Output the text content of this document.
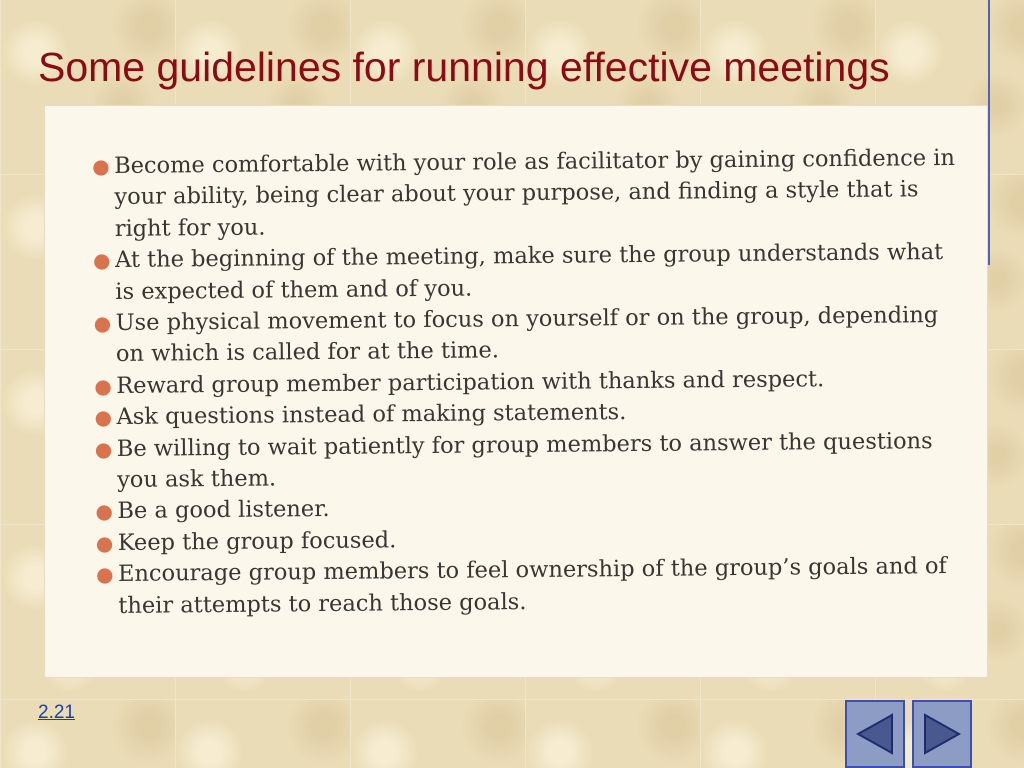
Some guidelines for running effective meetings
● Become comfortable with your role as facilitator by gaining confidence in your ability, being clear about your purpose, and finding a style that is right for you.
● At the beginning of the meeting, make sure the group understands what is expected of them and of you.
● Use physical movement to focus on yourself or on the group, depending on which is called for at the time.
● Reward group member participation with thanks and respect.
● Ask questions instead of making statements.
● Be willing to wait patiently for group members to answer the questions you ask them.
● Be a good listener.
● Keep the group focused.
● Encourage group members to feel ownership of the group’s goals and of their attempts to reach those goals.
2.21
